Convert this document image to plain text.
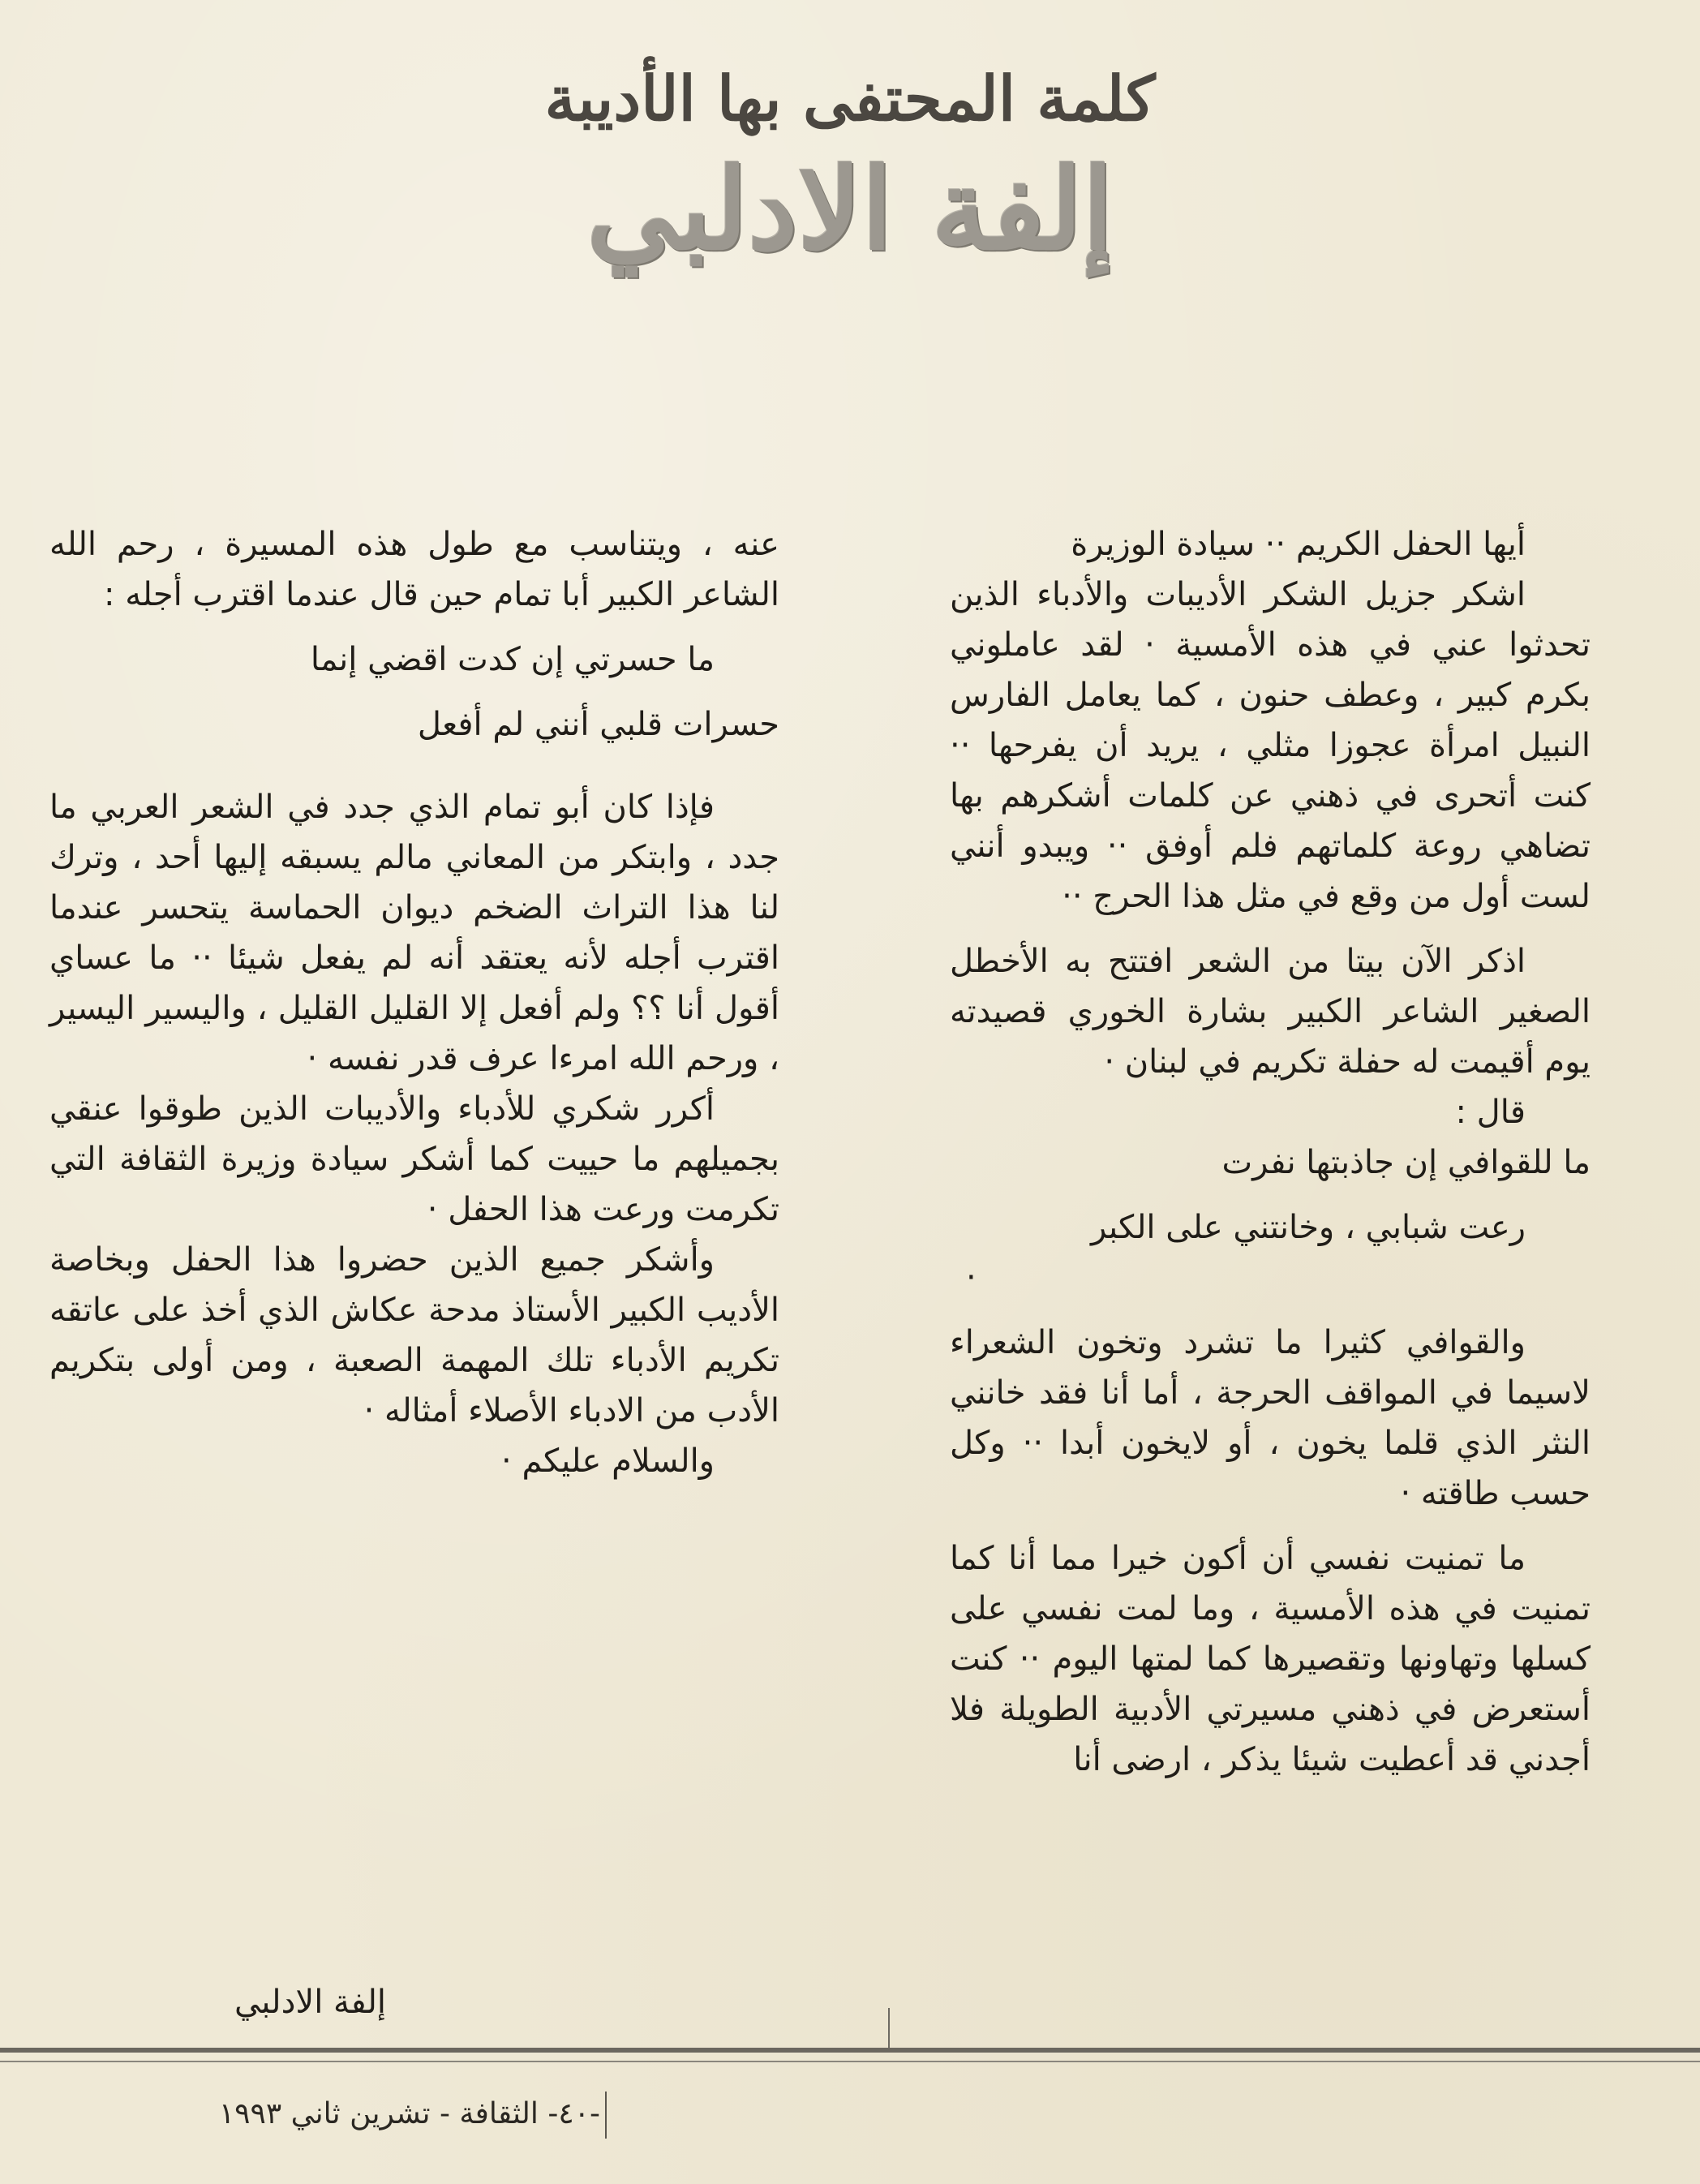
كلمة المحتفى بها الأديبة
إلفة الادلبي

أيها الحفل الكريم ·· سيادة الوزيرة

اشكر جزيل الشكر الأديبات والأدباء الذين تحدثوا عني في هذه الأمسية · لقد عاملوني بكرم كبير ، وعطف حنون ، كما يعامل الفارس النبيل امرأة عجوزا مثلي ، يريد أن يفرحها ·· كنت أتحرى في ذهني عن كلمات أشكرهم بها تضاهي روعة كلماتهم فلم أوفق ·· ويبدو أنني لست أول من وقع في مثل هذا الحرج ··

اذكر الآن بيتا من الشعر افتتح به الأخطل الصغير الشاعر الكبير بشارة الخوري قصيدته يوم أقيمت له حفلة تكريم في لبنان ·

قال :

ما للقوافي إن جاذبتها نفرت

رعت شبابي ، وخانتني على الكبر

·

والقوافي كثيرا ما تشرد وتخون الشعراء لاسيما في المواقف الحرجة ، أما أنا فقد خانني النثر الذي قلما يخون ، أو لايخون أبدا ·· وكل حسب طاقته ·

ما تمنيت نفسي أن أكون خيرا مما أنا كما تمنيت في هذه الأمسية ، وما لمت نفسي على كسلها وتهاونها وتقصيرها كما لمتها اليوم ·· كنت أستعرض في ذهني مسيرتي الأدبية الطويلة فلا أجدني قد أعطيت شيئا يذكر ، ارضى أنا

عنه ، ويتناسب مع طول هذه المسيرة ، رحم الله الشاعر الكبير أبا تمام حين قال عندما اقترب أجله :

ما حسرتي إن كدت اقضي إنما

حسرات قلبي أنني لم أفعل

فإذا كان أبو تمام الذي جدد في الشعر العربي ما جدد ، وابتكر من المعاني مالم يسبقه إليها أحد ، وترك لنا هذا التراث الضخم ديوان الحماسة يتحسر عندما اقترب أجله لأنه يعتقد أنه لم يفعل شيئا ·· ما عساي أقول أنا ؟؟ ولم أفعل إلا القليل القليل ، واليسير اليسير ، ورحم الله امرءا عرف قدر نفسه ·

أكرر شكري للأدباء والأديبات الذين طوقوا عنقي بجميلهم ما حييت كما أشكر سيادة وزيرة الثقافة التي تكرمت ورعت هذا الحفل ·

وأشكر جميع الذين حضروا هذا الحفل وبخاصة الأديب الكبير الأستاذ مدحة عكاش الذي أخذ على عاتقه تكريم الأدباء تلك المهمة الصعبة ، ومن أولى بتكريم الأدب من الادباء الأصلاء أمثاله ·

والسلام عليكم ·

إلفة الادلبي
-٤٠- الثقافة - تشرين ثاني ١٩٩٣
